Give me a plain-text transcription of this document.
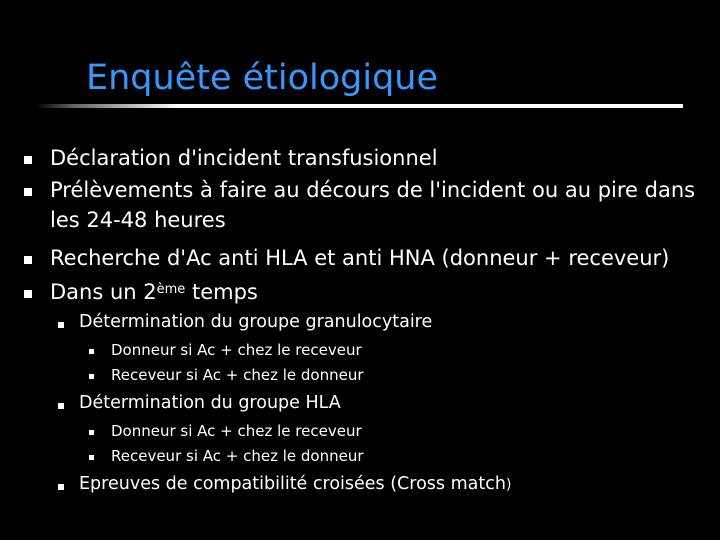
Enquête étiologique
Déclaration d'incident transfusionnel
Prélèvements à faire au décours de l'incident ou au pire dans
les 24-48 heures
Recherche d'Ac anti HLA et anti HNA (donneur + receveur)
Dans un 2ème temps
Détermination du groupe granulocytaire
Donneur si Ac + chez le receveur
Receveur si Ac + chez le donneur
Détermination du groupe HLA
Donneur si Ac + chez le receveur
Receveur si Ac + chez le donneur
Epreuves de compatibilité croisées (Cross match)
